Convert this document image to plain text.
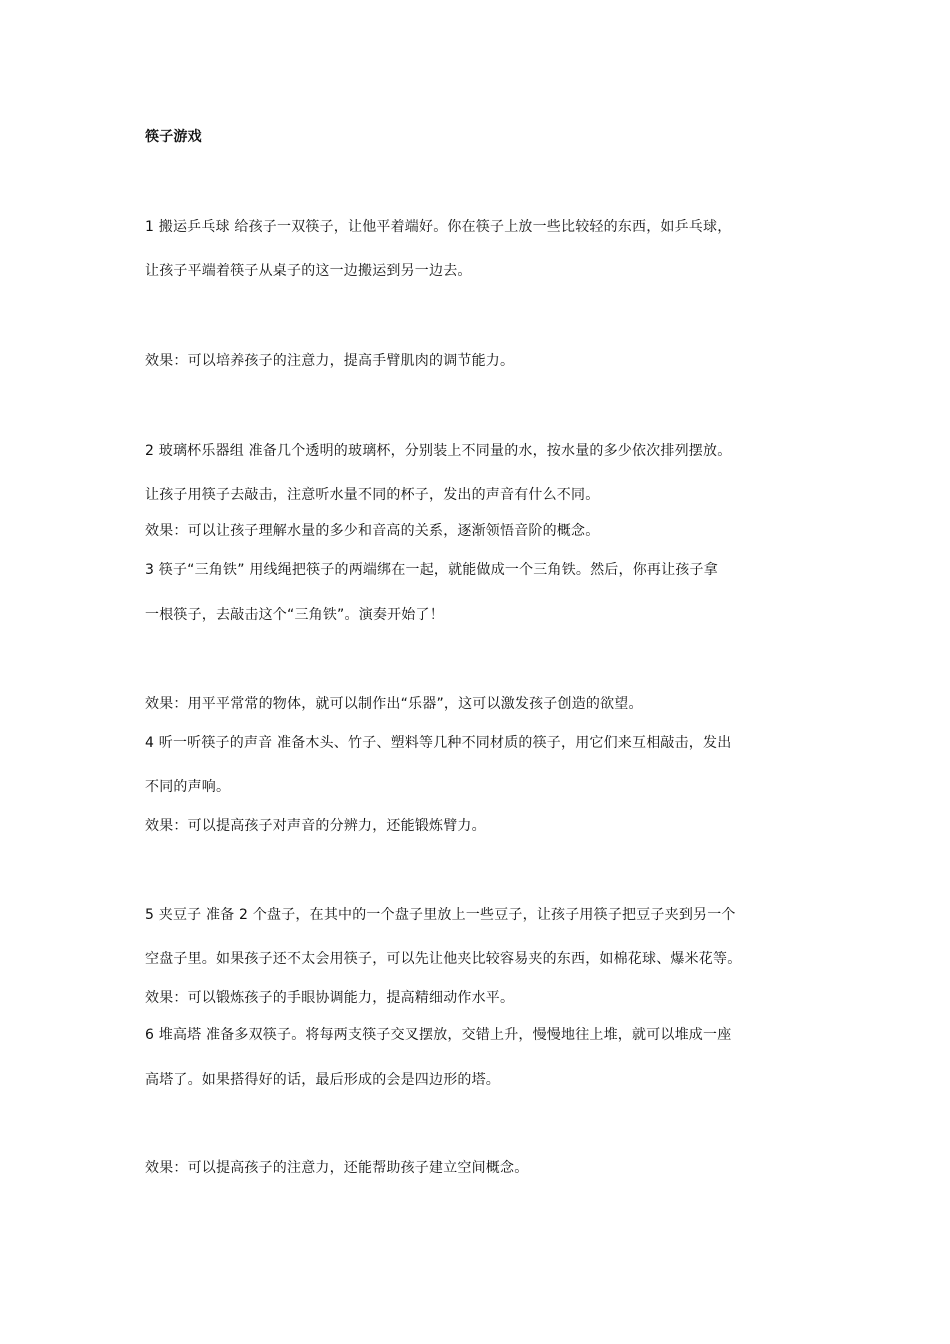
筷子游戏
1 搬运乒乓球 给孩子一双筷子，让他平着端好。你在筷子上放一些比较轻的东西，如乒乓球，
让孩子平端着筷子从桌子的这一边搬运到另一边去。
效果：可以培养孩子的注意力，提高手臂肌肉的调节能力。
2 玻璃杯乐器组 准备几个透明的玻璃杯，分别装上不同量的水，按水量的多少依次排列摆放。
让孩子用筷子去敲击，注意听水量不同的杯子，发出的声音有什么不同。
效果：可以让孩子理解水量的多少和音高的关系，逐渐领悟音阶的概念。
3 筷子“三角铁” 用线绳把筷子的两端绑在一起，就能做成一个三角铁。然后，你再让孩子拿
一根筷子，去敲击这个“三角铁”。演奏开始了！
效果：用平平常常的物体，就可以制作出“乐器”，这可以激发孩子创造的欲望。
4 听一听筷子的声音 准备木头、竹子、塑料等几种不同材质的筷子，用它们来互相敲击，发出
不同的声响。
效果：可以提高孩子对声音的分辨力，还能锻炼臂力。
5 夹豆子 准备 2 个盘子，在其中的一个盘子里放上一些豆子，让孩子用筷子把豆子夹到另一个
空盘子里。如果孩子还不太会用筷子，可以先让他夹比较容易夹的东西，如棉花球、爆米花等。
效果：可以锻炼孩子的手眼协调能力，提高精细动作水平。
6 堆高塔 准备多双筷子。将每两支筷子交叉摆放，交错上升，慢慢地往上堆，就可以堆成一座
高塔了。如果搭得好的话，最后形成的会是四边形的塔。
效果：可以提高孩子的注意力，还能帮助孩子建立空间概念。
